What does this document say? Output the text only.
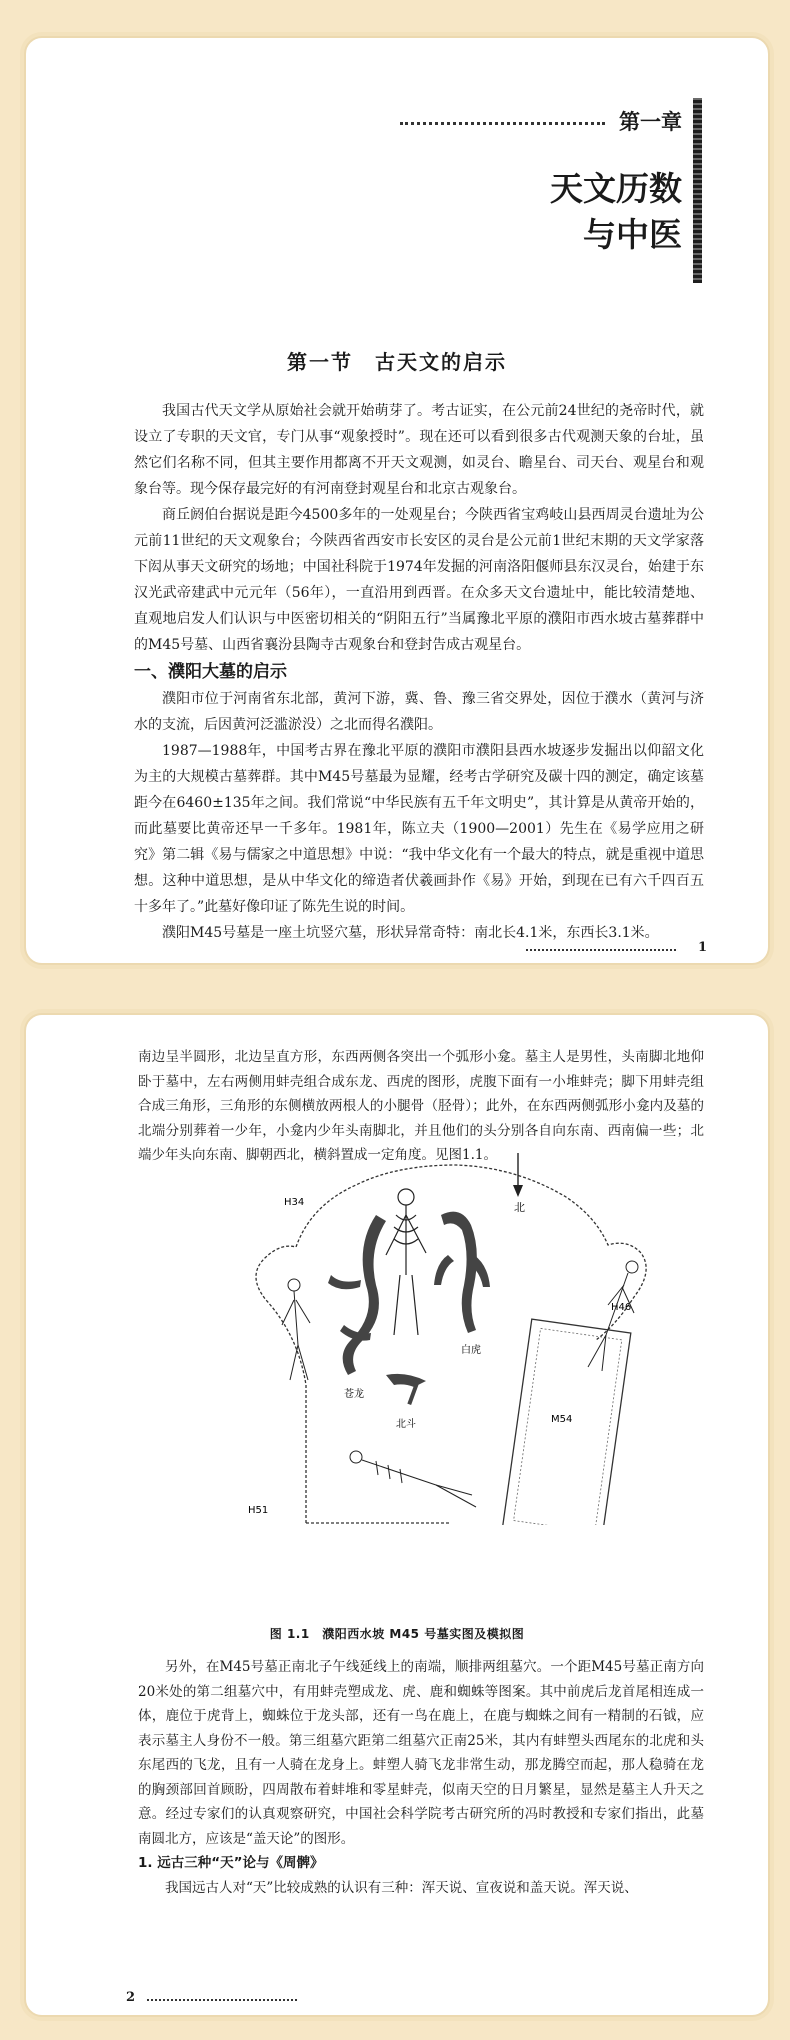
第一章
天文历数
与中医
第一节　古天文的启示

我国古代天文学从原始社会就开始萌芽了。考古证实，在公元前24世纪的尧帝时代，就设立了专职的天文官，专门从事“观象授时”。现在还可以看到很多古代观测天象的台址，虽然它们名称不同，但其主要作用都离不开天文观测，如灵台、瞻星台、司天台、观星台和观象台等。现今保存最完好的有河南登封观星台和北京古观象台。

商丘阏伯台据说是距今4500多年的一处观星台；今陕西省宝鸡岐山县西周灵台遗址为公元前11世纪的天文观象台；今陕西省西安市长安区的灵台是公元前1世纪末期的天文学家落下闳从事天文研究的场地；中国社科院于1974年发掘的河南洛阳偃师县东汉灵台，始建于东汉光武帝建武中元元年（56年），一直沿用到西晋。在众多天文台遗址中，能比较清楚地、直观地启发人们认识与中医密切相关的“阴阳五行”当属豫北平原的濮阳市西水坡古墓葬群中的M45号墓、山西省襄汾县陶寺古观象台和登封告成古观星台。

一、濮阳大墓的启示

濮阳市位于河南省东北部，黄河下游，冀、鲁、豫三省交界处，因位于濮水（黄河与济水的支流，后因黄河泛滥淤没）之北而得名濮阳。

1987—1988年，中国考古界在豫北平原的濮阳市濮阳县西水坡逐步发掘出以仰韶文化为主的大规模古墓葬群。其中M45号墓最为显耀，经考古学研究及碳十四的测定，确定该墓距今在6460±135年之间。我们常说“中华民族有五千年文明史”，其计算是从黄帝开始的，而此墓要比黄帝还早一千多年。1981年，陈立夫（1900—2001）先生在《易学应用之研究》第二辑《易与儒家之中道思想》中说：“我中华文化有一个最大的特点，就是重视中道思想。这种中道思想，是从中华文化的缔造者伏羲画卦作《易》开始，到现在已有六千四百五十多年了。”此墓好像印证了陈先生说的时间。

濮阳M45号墓是一座土坑竖穴墓，形状异常奇特：南北长4.1米，东西长3.1米。

1

南边呈半圆形，北边呈直方形，东西两侧各突出一个弧形小龛。墓主人是男性，头南脚北地仰卧于墓中，左右两侧用蚌壳组合成东龙、西虎的图形，虎腹下面有一小堆蚌壳；脚下用蚌壳组合成三角形，三角形的东侧横放两根人的小腿骨（胫骨）；此外，在东西两侧弧形小龛内及墓的北端分别葬着一少年，小龛内少年头南脚北，并且他们的头分别各自向东南、西南偏一些；北端少年头向东南、脚朝西北，横斜置成一定角度。见图1.1。

北
M54
H34
H46
H51
苍龙
白虎
北斗
图 1.1　濮阳西水坡 M45 号墓实图及模拟图

另外，在M45号墓正南北子午线延线上的南端，顺排两组墓穴。一个距M45号墓正南方向20米处的第二组墓穴中，有用蚌壳塑成龙、虎、鹿和蜘蛛等图案。其中前虎后龙首尾相连成一体，鹿位于虎背上，蜘蛛位于龙头部，还有一鸟在鹿上，在鹿与蜘蛛之间有一精制的石钺，应表示墓主人身份不一般。第三组墓穴距第二组墓穴正南25米，其内有蚌塑头西尾东的北虎和头东尾西的飞龙，且有一人骑在龙身上。蚌塑人骑飞龙非常生动，那龙腾空而起，那人稳骑在龙的胸颈部回首顾盼，四周散布着蚌堆和零星蚌壳，似南天空的日月繁星，显然是墓主人升天之意。经过专家们的认真观察研究，中国社会科学院考古研究所的冯时教授和专家们指出，此墓南圆北方，应该是“盖天论”的图形。

1. 远古三种“天”论与《周髀》

我国远古人对“天”比较成熟的认识有三种：浑天说、宣夜说和盖天说。浑天说、

2
